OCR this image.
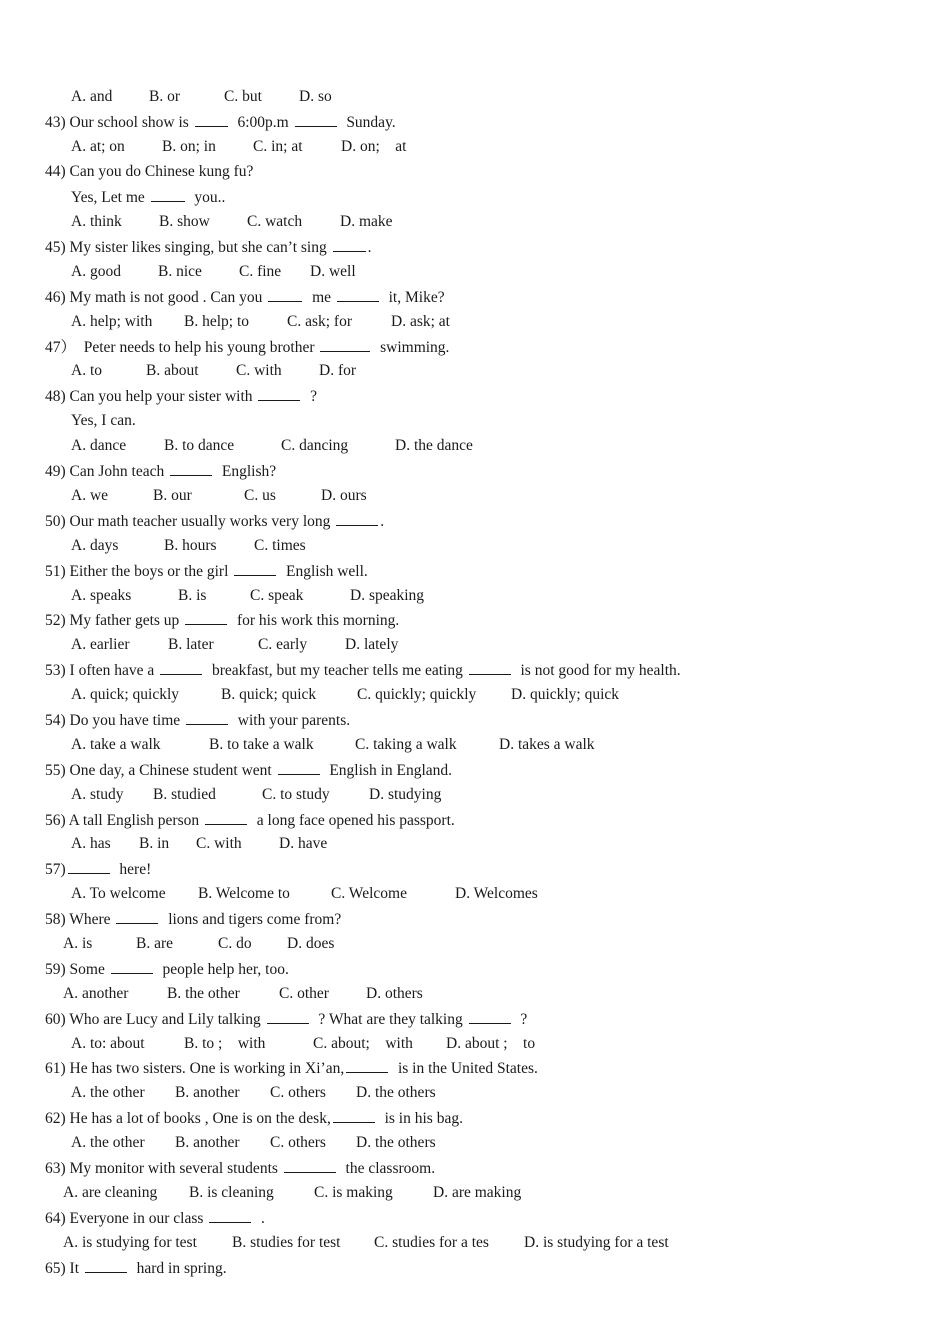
A. and B. or	C. but D. so
43) Our school show is   6:00p.m	Sunday.
A. at; on B. on; in C. in; at D. on;    at
44) Can you do Chinese kung fu?
Yes, Let me   you..
A. think B. show C. watch D. make
45) My sister likes singing, but she can’t sing .
A. good B. nice C. fine D. well
46) My math is not good . Can you   me	it, Mike?
A. help; with B. help; to C. ask; for	D. ask; at
47）  Peter needs to help his young brother	swimming.
A. to	B. about C. with D. for
48) Can you help your sister with	?
Yes, I can.
A. dance B. to dance	C. dancing	D. the dance
49) Can John teach	English?
A. we	B. our	C. us	D. ours
50) Our math teacher usually works very long	.
A. days	B. hours C. times
51) Either the boys or the girl	English well.
A. speaks	B. is	C. speak	D. speaking
52) My father gets up	for his work this morning.
A. earlier B. later	C. early D. lately
53) I often have a	breakfast, but my teacher tells me eating	is not good for my health.
A. quick; quickly	B. quick; quick	C. quickly; quickly D. quickly; quick
54) Do you have time	with your parents.
A. take a walk	B. to take a walk	C. taking a walk	D. takes a walk
55) One day, a Chinese student went	English in England.
A. study B. studied	C. to study	D. studying
56) A tall English person	a long face opened his passport.
A. has B. in C. with D. have
57)	here!
A. To welcome B. Welcome to	C. Welcome	D. Welcomes
58) Where	lions and tigers come from?
A. is	B. are	C. do D. does
59) Some	people help her, too.
A. another B. the other	C. other D. others
60) Who are Lucy and Lily talking	? What are they talking	?
A. to: about	B. to ;    with	C. about;    with D. about ;    to
61) He has two sisters. One is working in Xi’an,	is in the United States.
A. the other B. another C. others D. the others
62) He has a lot of books , One is on the desk,	is in his bag.
A. the other B. another C. others D. the others
63) My monitor with several students	the classroom.
A. are cleaning B. is cleaning	C. is making	D. are making
64) Everyone in our class	.
A. is studying for test B. studies for test C. studies for a tes D. is studying for a test
65) It	hard in spring.
